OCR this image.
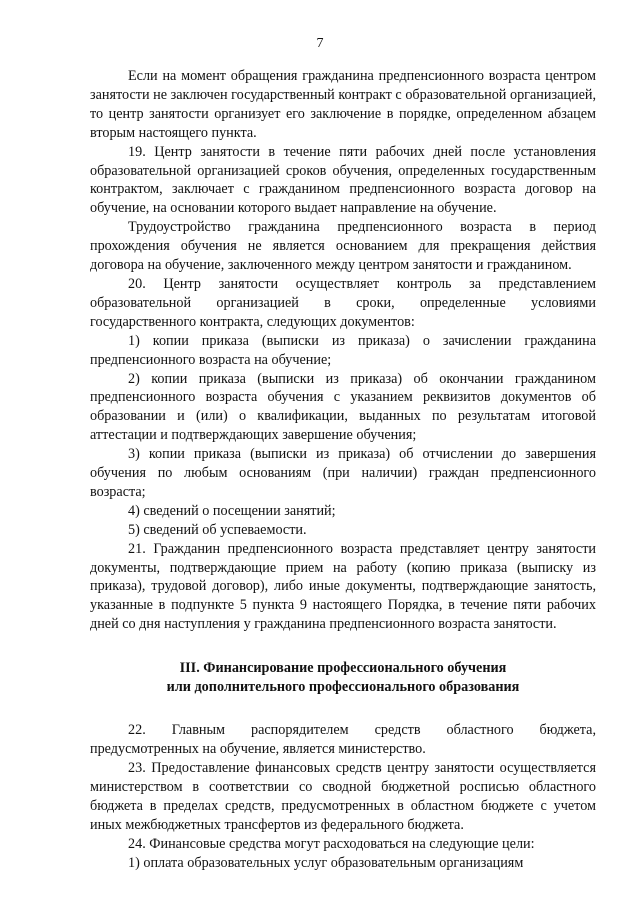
7

Если на момент обращения гражданина предпенсионного возраста центром занятости не заключен государственный контракт с образовательной организацией, то центр занятости организует его заключение в порядке, определенном абзацем вторым настоящего пункта.

19. Центр занятости в течение пяти рабочих дней после установления образовательной организацией сроков обучения, определенных государственным контрактом, заключает с гражданином предпенсионного возраста договор на обучение, на основании которого выдает направление на обучение.

Трудоустройство гражданина предпенсионного возраста в период прохождения обучения не является основанием для прекращения действия договора на обучение, заключенного между центром занятости и гражданином.

20. Центр занятости осуществляет контроль за представлением образовательной организацией в сроки, определенные условиями государственного контракта, следующих документов:

1) копии приказа (выписки из приказа) о зачислении гражданина предпенсионного возраста на обучение;

2) копии приказа (выписки из приказа) об окончании гражданином предпенсионного возраста обучения с указанием реквизитов документов об образовании и (или) о квалификации, выданных по результатам итоговой аттестации и подтверждающих завершение обучения;

3) копии приказа (выписки из приказа) об отчислении до завершения обучения по любым основаниям (при наличии) граждан предпенсионного возраста;

4) сведений о посещении занятий;

5) сведений об успеваемости.

21. Гражданин предпенсионного возраста представляет центру занятости документы, подтверждающие прием на работу (копию приказа (выписку из приказа), трудовой договор), либо иные документы, подтверждающие занятость, указанные в подпункте 5 пункта 9 настоящего Порядка, в течение пяти рабочих дней со дня наступления у гражданина предпенсионного возраста занятости.

III. Финансирование профессионального обучения

или дополнительного профессионального образования

22. Главным распорядителем средств областного бюджета, предусмотренных на обучение, является министерство.

23. Предоставление финансовых средств центру занятости осуществляется министерством в соответствии со сводной бюджетной росписью областного бюджета в пределах средств, предусмотренных в областном бюджете с учетом иных межбюджетных трансфертов из федерального бюджета.

24. Финансовые средства могут расходоваться на следующие цели:

1) оплата образовательных услуг образовательным организациям
